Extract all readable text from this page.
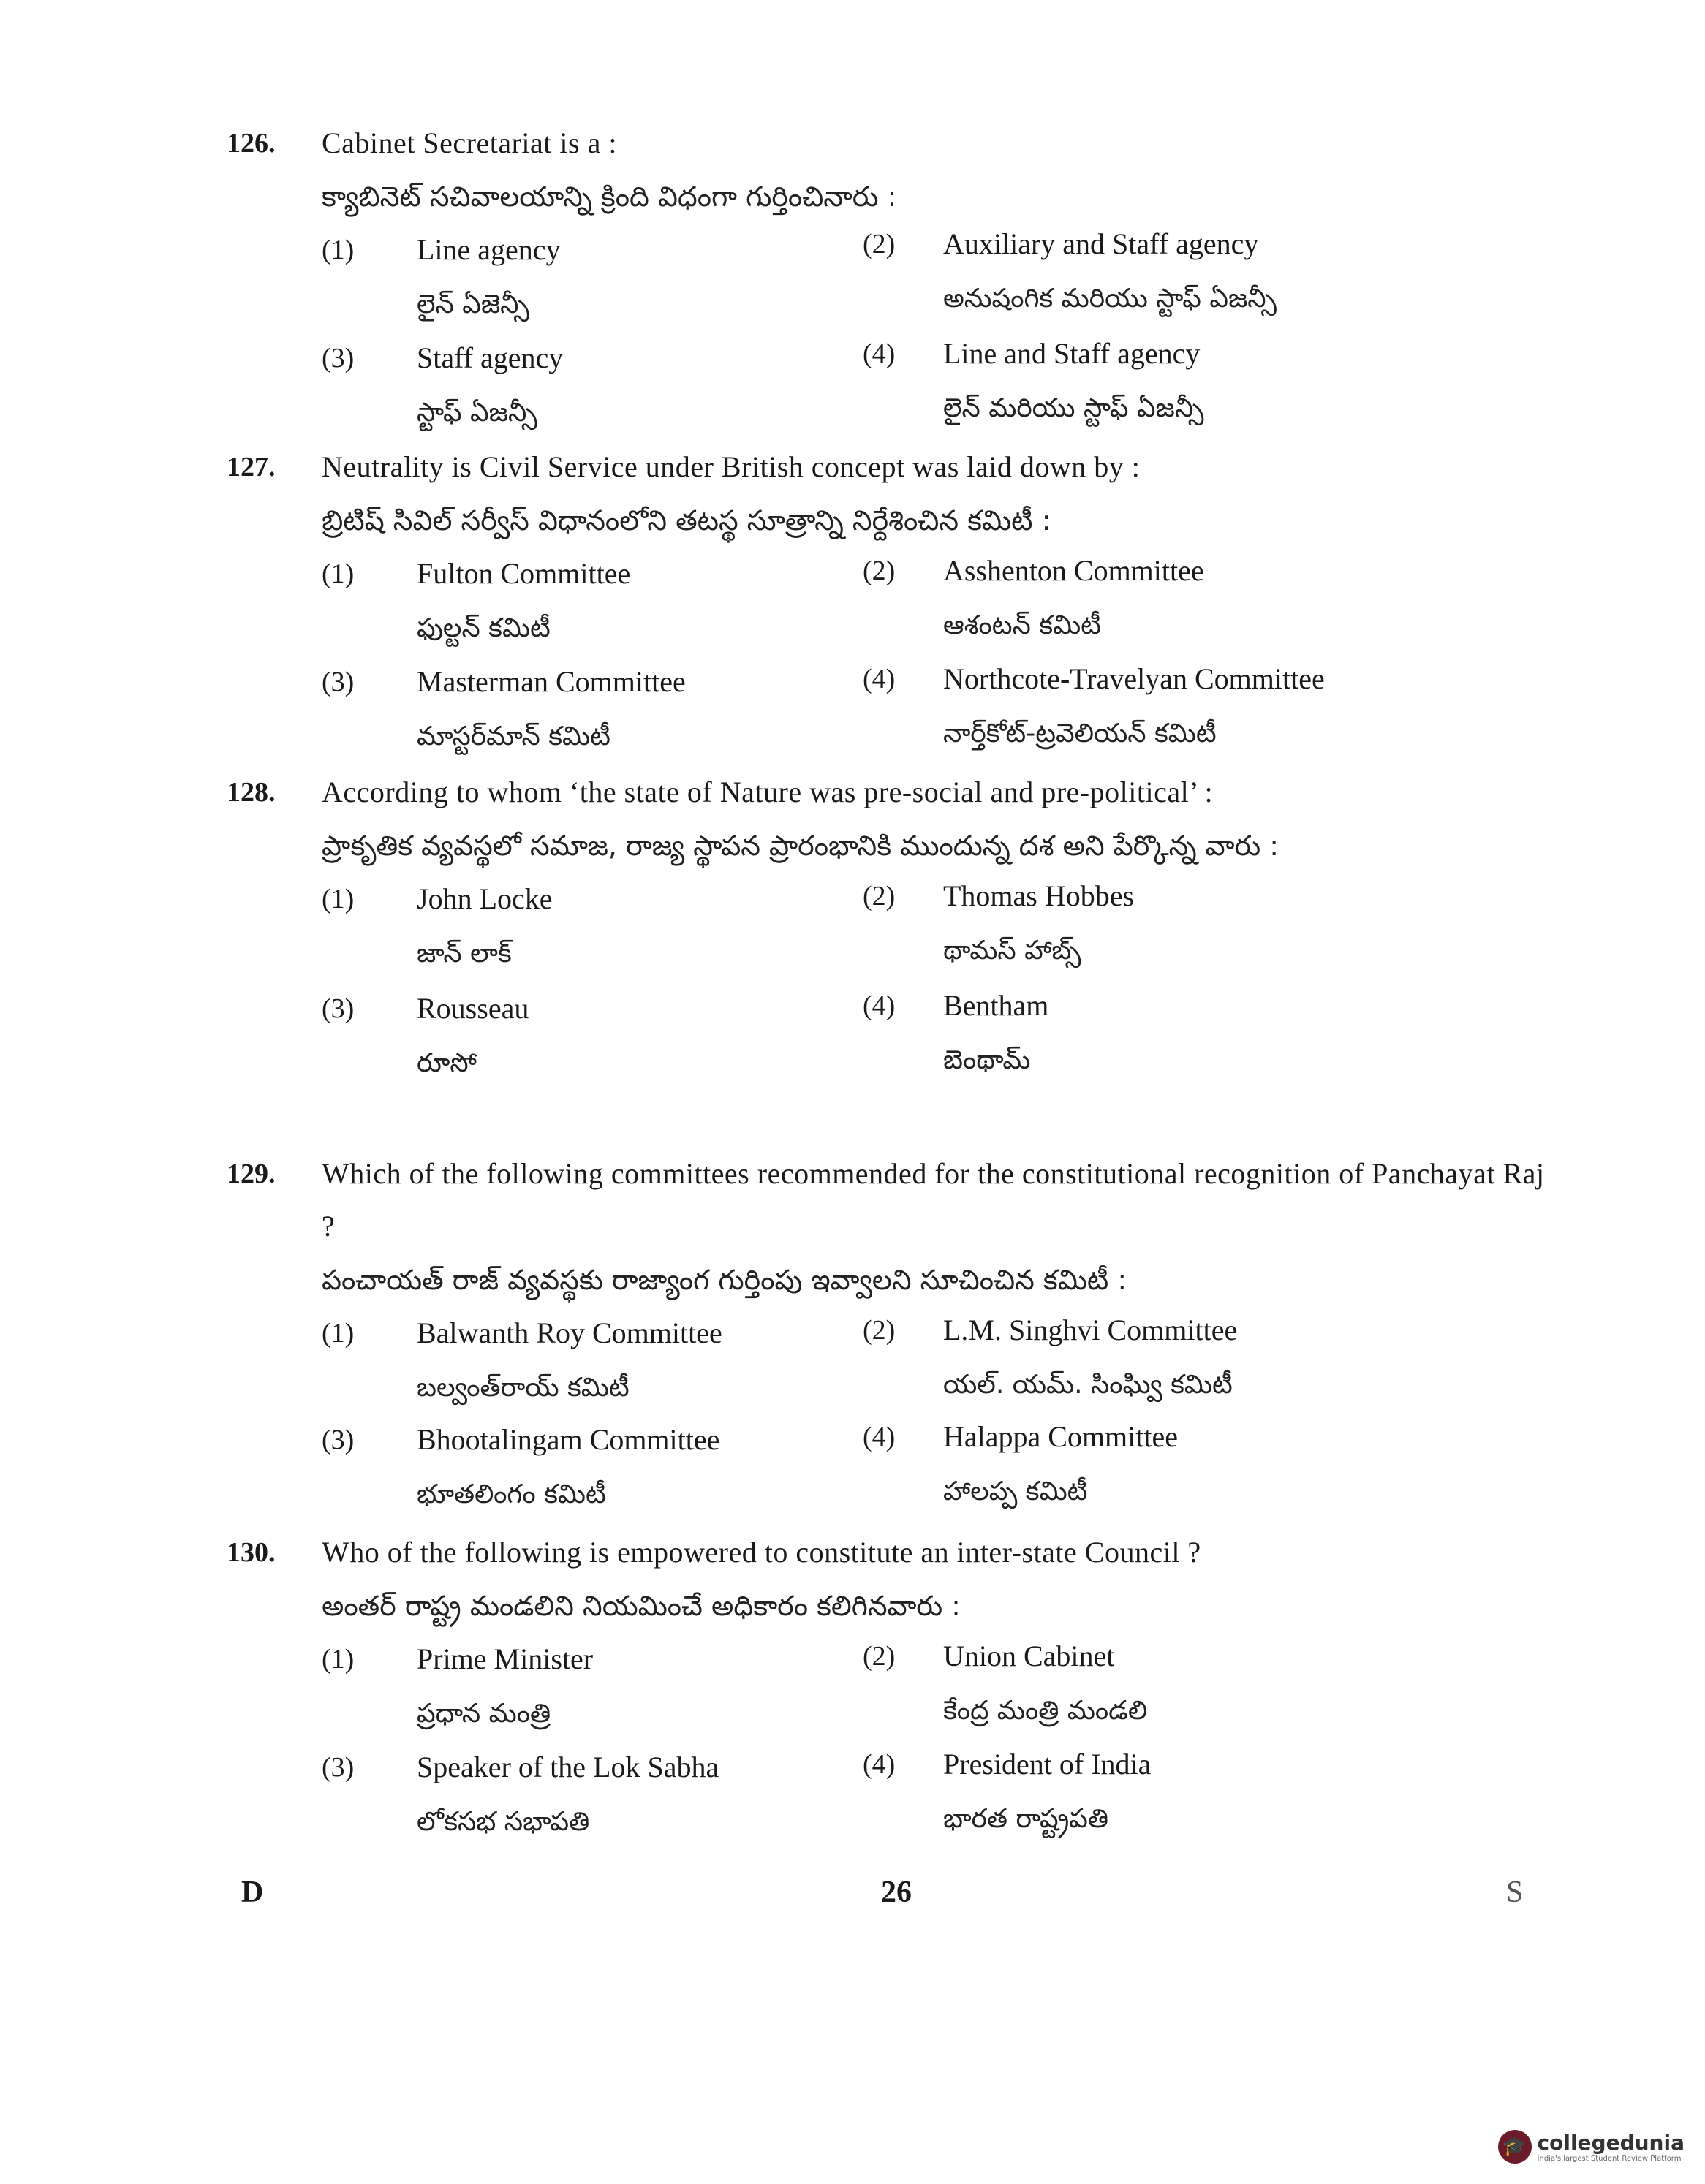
126. Cabinet Secretariat is a :
క్యాబినెట్ సచివాలయాన్ని క్రింది విధంగా గుర్తించినారు :
(1) Line agency
లైన్ ఏజెన్సీ
(2) Auxiliary and Staff agency
అనుషంగిక మరియు స్టాఫ్ ఏజన్సీ
(3) Staff agency
స్టాఫ్ ఏజన్సీ
(4) Line and Staff agency
లైన్ మరియు స్టాఫ్ ఏజన్సీ
127. Neutrality is Civil Service under British concept was laid down by :
బ్రిటిష్ సివిల్ సర్వీస్ విధానంలోని తటస్థ సూత్రాన్ని నిర్దేశించిన కమిటీ :
(1) Fulton Committee
ఫుల్టన్ కమిటీ
(2) Asshenton Committee
ఆశంటన్ కమిటీ
(3) Masterman Committee
మాస్టర్‌మాన్ కమిటీ
(4) Northcote-Travelyan Committee
నార్త్‌కోట్-ట్రవెలియన్ కమిటీ
128. According to whom ‘the state of Nature was pre-social and pre-political’ :
ప్రాకృతిక వ్యవస్థలో సమాజ, రాజ్య స్థాపన ప్రారంభానికి ముందున్న దశ అని పేర్కొన్న వారు :
(1) John Locke
జాన్ లాక్
(2) Thomas Hobbes
థామస్ హాబ్స్
(3) Rousseau
రూసో
(4) Bentham
బెంథామ్
129. Which of the following committees recommended for the constitutional recognition of Panchayat Raj ?
పంచాయత్ రాజ్ వ్యవస్థకు రాజ్యాంగ గుర్తింపు ఇవ్వాలని సూచించిన కమిటీ :
(1) Balwanth Roy Committee
బల్వంత్‌రాయ్ కమిటీ
(2) L.M. Singhvi Committee
యల్. యమ్. సింఘ్వి కమిటీ
(3) Bhootalingam Committee
భూతలింగం కమిటీ
(4) Halappa Committee
హాలప్ప కమిటీ
130. Who of the following is empowered to constitute an inter-state Council ?
అంతర్ రాష్ట్ర మండలిని నియమించే అధికారం కలిగినవారు :
(1) Prime Minister
ప్రధాన మంత్రి
(2) Union Cabinet
కేంద్ర మంత్రి మండలి
(3) Speaker of the Lok Sabha
లోకసభ సభాపతి
(4) President of India
భారత రాష్ట్రపతి
D	26	S
🎓 collegedunia
India's largest Student Review Platform
